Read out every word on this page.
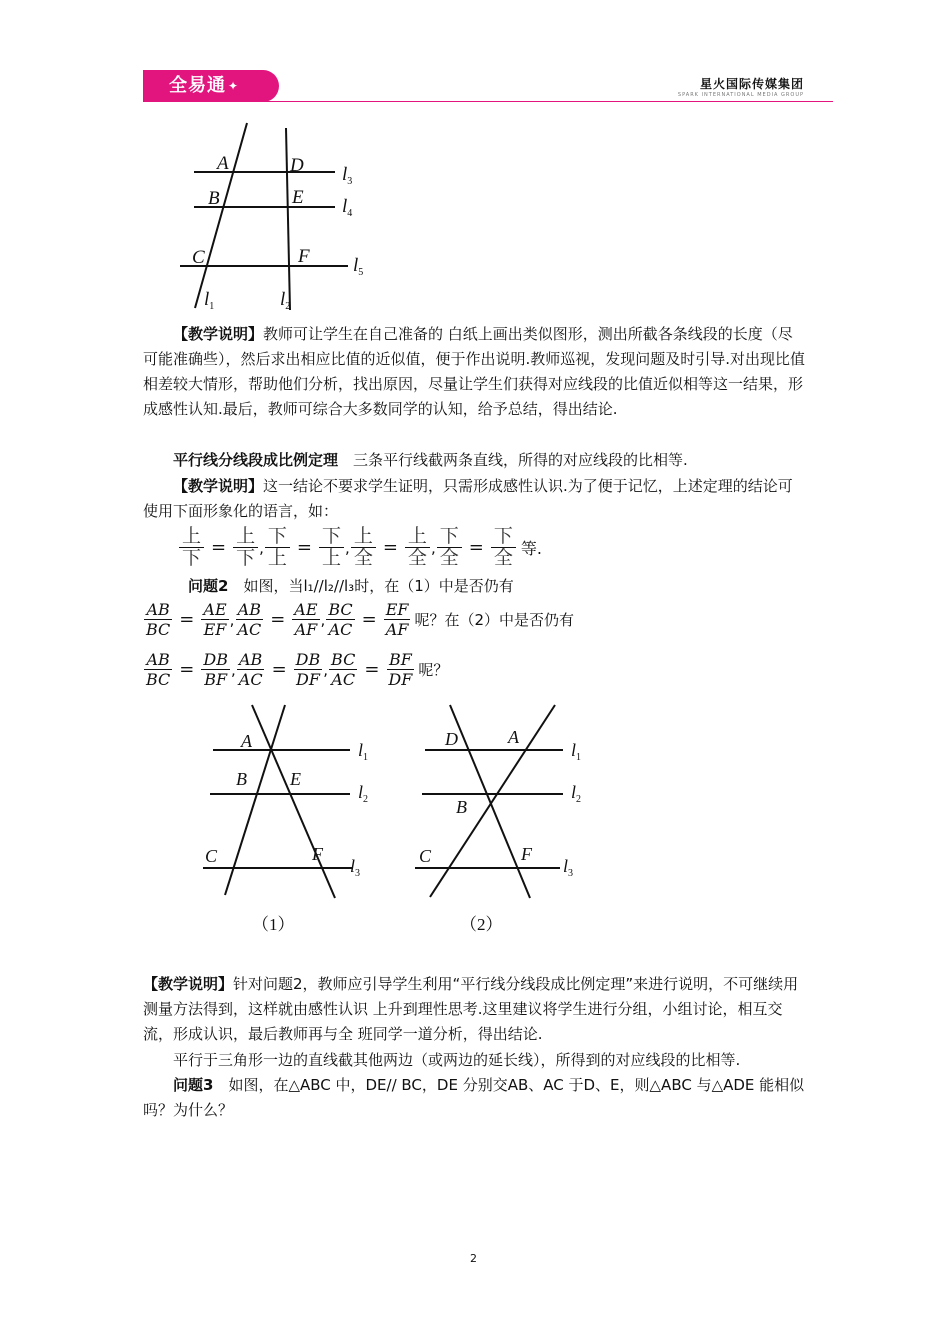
全易通 ✦	星火国际传媒集团
SPARK INTERNATIONAL MEDIA GROUP
A	D
B	E
C	F
$l_3$
$l_4$
$l_5$
$l_1$	$l_2$

【教学说明】教师可让学生在自己准备的 白纸上画出类似图形，测出所截各条线段的长度（尽可能准确些），然后求出相应比值的近似值，便于作出说明.教师巡视，发现问题及时引导.对出现比值相差较大情形，帮助他们分析，找出原因，尽量让学生们获得对应线段的比值近似相等这一结果，形成感性认知.最后，教师可综合大多数同学的认知，给予总结，得出结论.

平行线分线段成比例定理　三条平行线截两条直线，所得的对应线段的比相等.

【教学说明】这一结论不要求学生证明，只需形成感性认识.为了便于记忆，上述定理的结论可使用下面形象化的语言，如：

$\frac{\text{上}}{\text{下}} = \frac{\text{上}}{\text{下}}$ , $\frac{\text{下}}{\text{上}} = \frac{\text{下}}{\text{上}}$ , $\frac{\text{上}}{\text{全}} = \frac{\text{上}}{\text{全}}$ , $\frac{\text{下}}{\text{全}} = \frac{\text{下}}{\text{全}}$ 等.

问题2　如图，当l₁//l₂//l₃时，在（1）中是否仍有

$\frac{AB}{BC} = \frac{AE}{EF}$ , $\frac{AB}{AC} = \frac{AE}{AF}$ , $\frac{BC}{AC} = \frac{EF}{AF}$ 呢？在（2）中是否仍有
$\frac{AB}{BC} = \frac{DB}{BF}$ , $\frac{AB}{AC} = \frac{DB}{DF}$ , $\frac{BC}{AC} = \frac{BF}{DF}$ 呢？
A
B E
C	F
$l_1$
$l_2$
$l_3$
（1）
D	A
B
C	F
$l_1$
$l_2$
$l_3$
（2）

【教学说明】针对问题2，教师应引导学生利用“平行线分线段成比例定理”来进行说明，不可继续用测量方法得到，这样就由感性认识 上升到理性思考.这里建议将学生进行分组，小组讨论，相互交流，形成认识，最后教师再与全 班同学一道分析，得出结论.

平行于三角形一边的直线截其他两边（或两边的延长线），所得到的对应线段的比相等.

问题3　如图，在△ABC 中，DE// BC，DE 分别交AB、AC 于D、E，则△ABC 与△ADE 能相似吗？为什么？

2
